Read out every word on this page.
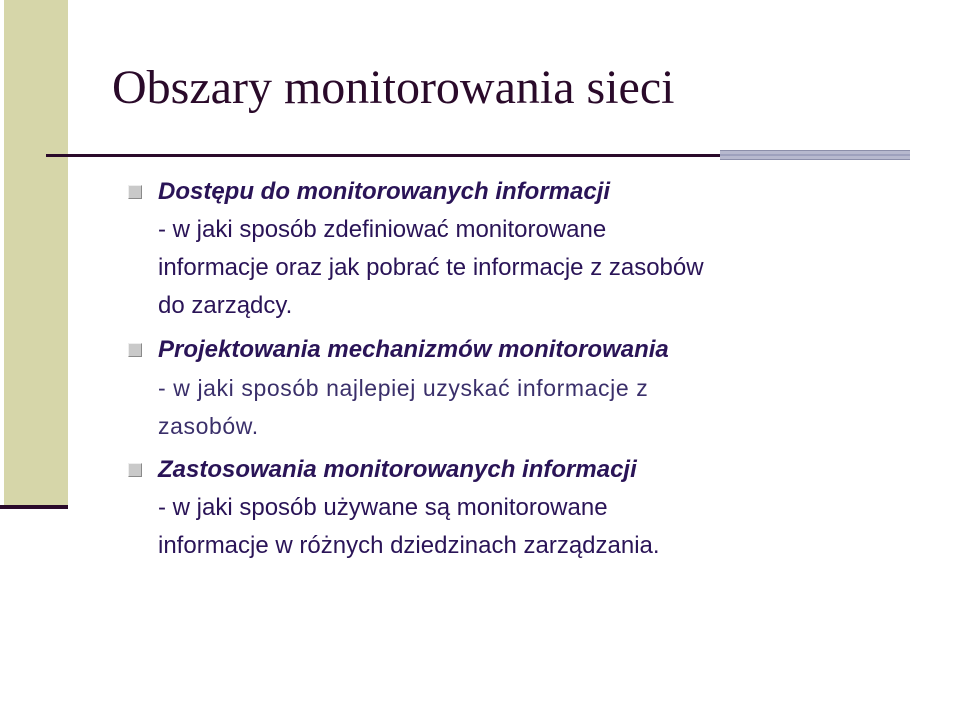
Obszary monitorowania sieci
Dostępu do monitorowanych informacji
- w jaki sposób zdefiniować monitorowane
informacje oraz jak pobrać te informacje z zasobów
do zarządcy.
Projektowania mechanizmów monitorowania
- w jaki sposób najlepiej uzyskać informacje z
zasobów.
Zastosowania monitorowanych informacji
- w jaki sposób używane są monitorowane
informacje w różnych dziedzinach zarządzania.
